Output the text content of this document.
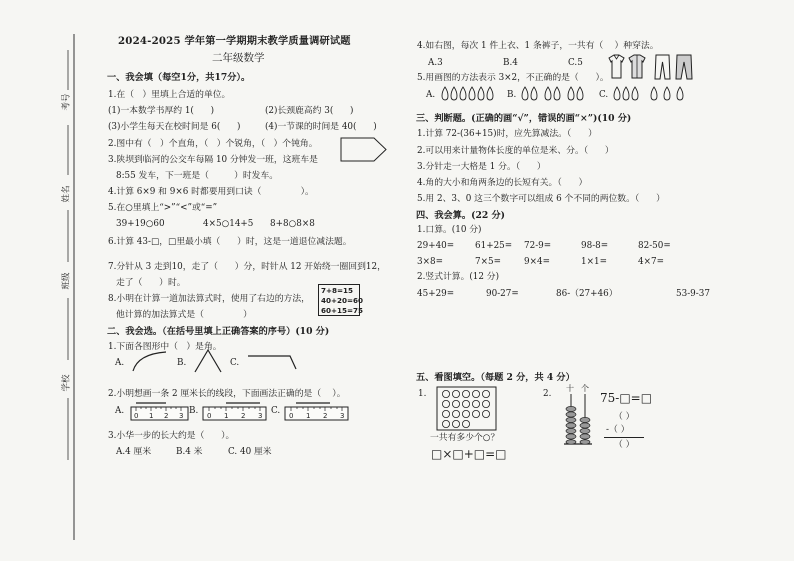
考号
姓名
班级
学校
2024-2025 学年第一学期期末教学质量调研试题
二年级数学
一、我会填（每空1分，共17分）。
1.在（   ）里填上合适的单位。
(1)一本数学书厚约 1(      )	(2)长颈鹿高约 3(      )
(3)小学生每天在校时间是 6(      )	(4)一节课的时间是 40(      )
2.图中有（   ）个直角，（   ）个锐角，（   ）个钝角。
3.陕坝到临河的公交车每隔 10 分钟发一班，这班车是
8:55 发车，下一班是（         ）时发车。
4.计算 6×9 和 9×6 时都要用到口诀（              ）。
5.在○里填上“>”“<”或“=”
39+19○60	4×5○14+5 8+8○8×8
6.计算 43-□，□里最小填（      ）时，这是一道退位减法题。
7.分针从 3 走到10，走了（      ）分，时针从 12 开始绕一圈回到12，
走了（      ）时。
8.小明在计算一道加法算式时，使用了右边的方法，
7+8=15
40+20=60
60+15=75
他计算的加法算式是（              ）
二、我会选。（在括号里填上正确答案的序号）(10 分)
1.下面各图形中（   ）是角。
A.	B.	C.
2.小明想画一条 2 厘米长的线段，下面画法正确的是（    ）。
A. 0 1 2 3 B. 0 1 2 3 C. 0 1 2 3
3.小华一步的长大约是（      ）。
A.4 厘米	B.4 米	C. 40 厘米
4.如右图，每次 1 件上衣、1 条裤子，一共有（    ）种穿法。
A.3	B.4	C.5
5.用画图的方法表示 3×2，不正确的是（      ）。
A.	B.	C.
三、判断题。(正确的画“√”，错误的画“×”)(10 分)
1.计算 72-(36+15)时，应先算减法。（      ）
2.可以用来计量物体长度的单位是米、分。（      ）
3.分针走一大格是 1 分。（      ）
4.角的大小和角两条边的长短有关。（      ）
5.用 2、3、0 这三个数字可以组成 6 个不同的两位数。（      ）
四、我会算。(22 分)
1.口算。(10 分)
29+40= 61+25= 72-9=	98-8=	82-50=
3×8=	7×5=	9×4=	1×1=	4×7=
2.竖式计算。(12 分)
45+29=	90-27=	86-（27+46）	53-9-37
五、看图填空。（每题 2 分，共 4 分）
1.
一共有多少个○？
□×□+□=□
2.
十 个
75-□=□
（ ）
-（ ）
（ ）
